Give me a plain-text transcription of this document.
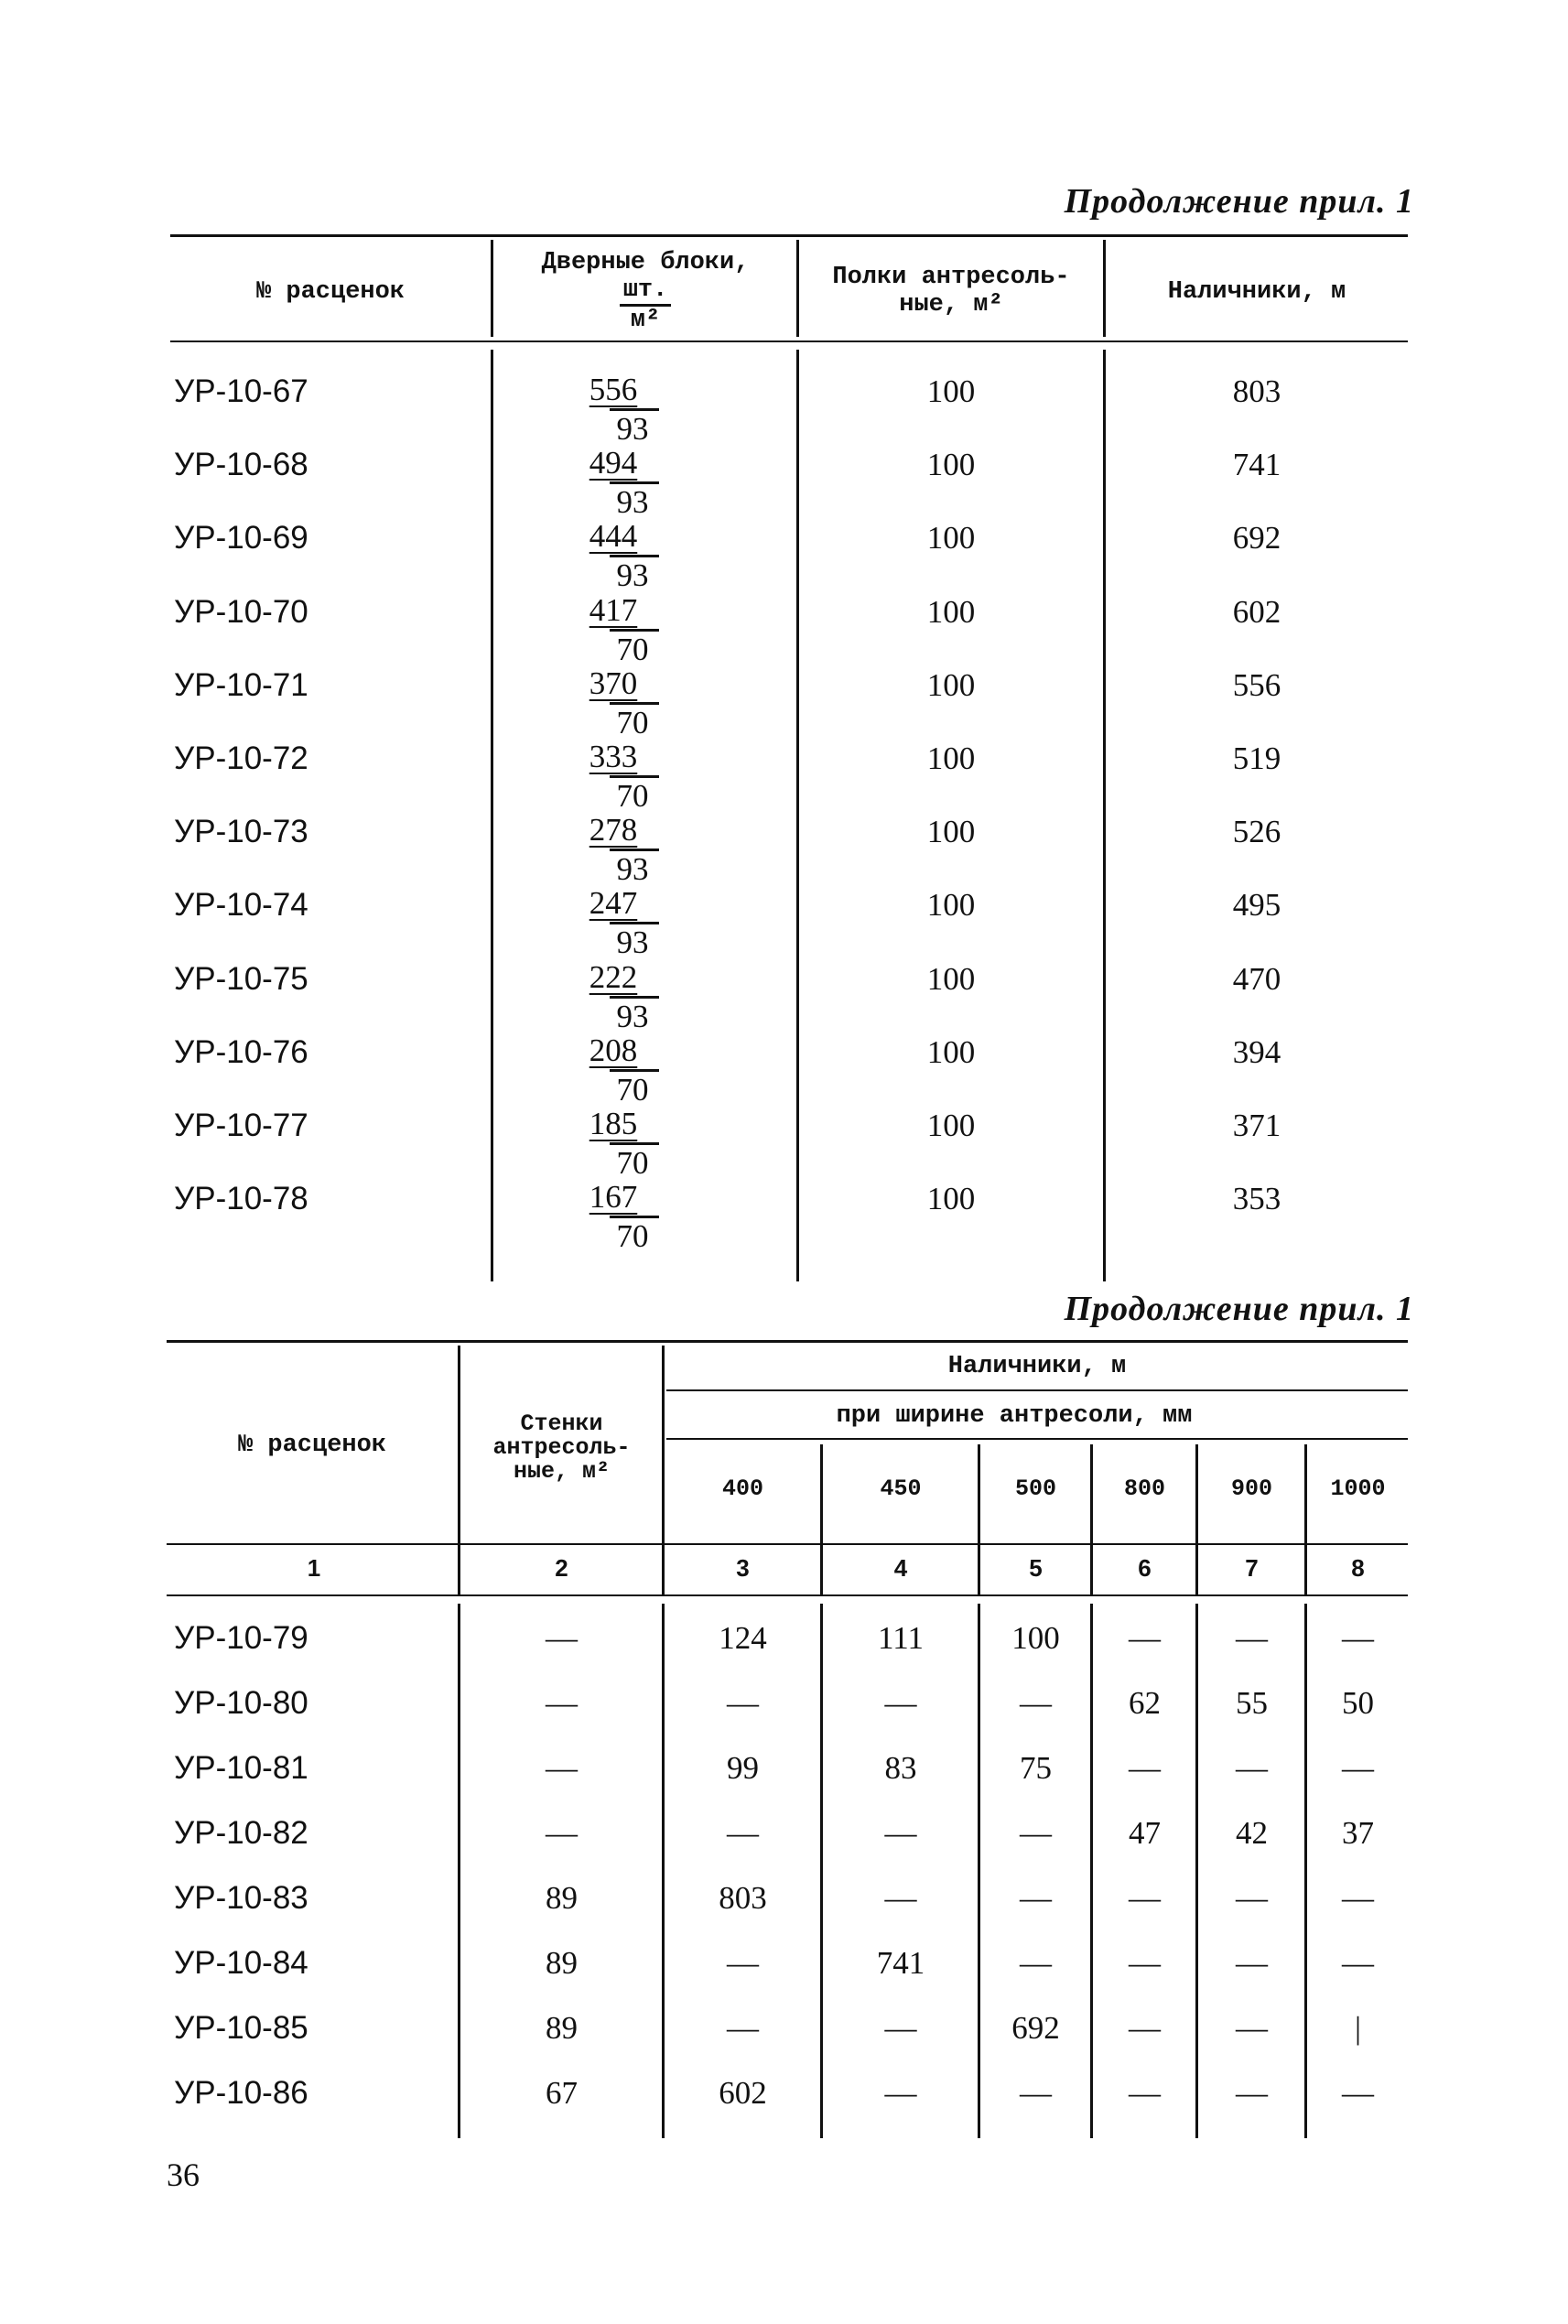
Продолжение прил. 1
№ расценок
Дверные блоки,
$\frac{шт.}{\text{м²}}$	Полки антресоль-
ные, м²	Наличники, м
УР-10-67	$\frac{556}{93}$	100	803
УР-10-68	$\frac{494}{93}$	100	741
УР-10-69	$\frac{444}{93}$	100	692
УР-10-70	$\frac{417}{70}$	100	602
УР-10-71	$\frac{370}{70}$	100	556
УР-10-72	$\frac{333}{70}$	100	519
УР-10-73	$\frac{278}{93}$	100	526
УР-10-74	$\frac{247}{93}$	100	495
УР-10-75	$\frac{222}{93}$	100	470
УР-10-76	$\frac{208}{70}$	100	394
УР-10-77	$\frac{185}{70}$	100	371
УР-10-78	$\frac{167}{70}$	100	353
Продолжение прил. 1
№ расценок
Стенки
антресоль-
ные, м²
Наличники, м
при ширине антресоли, мм
400	450	500	800	900	1000
1	2	3	4	5	6	7	8
УР-10-79	—	124	111	100	—	—	—
УР-10-80	—	—	—	—	62	55	50
УР-10-81	—	99	83	75	—	—	—
УР-10-82	—	—	—	—	47	42	37
УР-10-83	89	803	—	—	—	—	—
УР-10-84	89	—	741	—	—	—	—
УР-10-85	89	—	—	692	—	—	|
УР-10-86	67	602	—	—	—	—	—
36
